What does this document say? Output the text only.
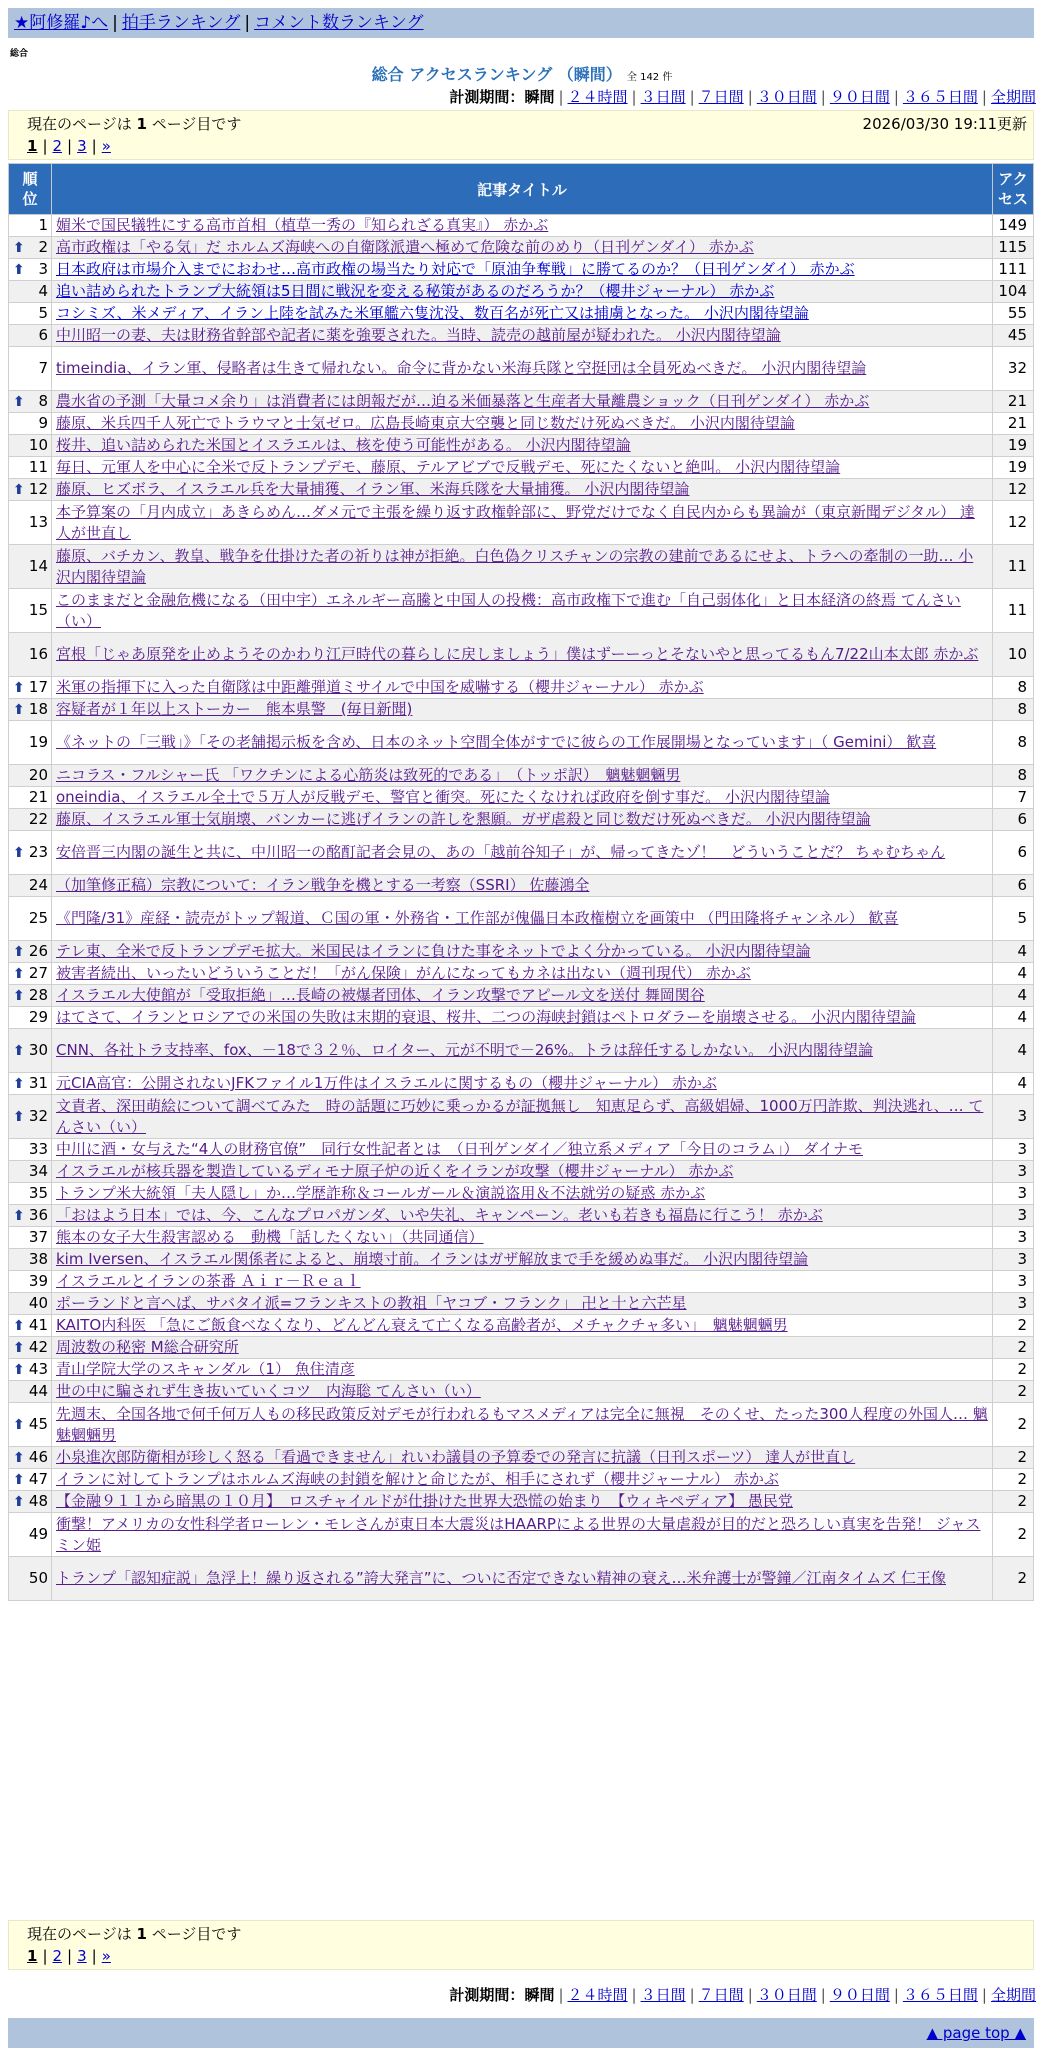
★阿修羅♪へ | 拍手ランキング | コメント数ランキング
総合
総合 アクセスランキング （瞬間） 全 142 件
計測期間：瞬間 | ２４時間 | ３日間 | ７日間 | ３０日間 | ９０日間 | ３６５日間 | 全期間
現在のページは 1 ページ目です	2026/03/30 19:11更新
1 | 2 | 3 | »
順
位	記事タイトル	アク
セス
1	媚米で国民犠牲にする高市首相（植草一秀の『知られざる真実』） 赤かぶ	149

⬆ 2	高市政権は「やる気」だ ホルムズ海峡への自衛隊派遣へ極めて危険な前のめり（日刊ゲンダイ） 赤かぶ	115

⬆ 3	日本政府は市場介入までにおわせ…高市政権の場当たり対応で「原油争奪戦」に勝てるのか？（日刊ゲンダイ） 赤かぶ	111
4	追い詰められたトランプ大統領は5日間に戦況を変える秘策があるのだろうか？（櫻井ジャーナル） 赤かぶ	104
5	コシミズ、米メディア、イラン上陸を試みた米軍艦六隻沈没、数百名が死亡又は捕虜となった。 小沢内閣待望論	55
6	中川昭一の妻、夫は財務省幹部や記者に薬を強要された。当時、読売の越前屋が疑われた。 小沢内閣待望論	45
7	timeindia、イラン軍、侵略者は生きて帰れない。命令に背かない米海兵隊と空挺団は全員死ぬべきだ。 小沢内閣待望論	32

⬆ 8	農水省の予測「大量コメ余り」は消費者には朗報だが…迫る米価暴落と生産者大量離農ショック（日刊ゲンダイ） 赤かぶ	21
9	藤原、米兵四千人死亡でトラウマと士気ゼロ。広島長崎東京大空襲と同じ数だけ死ぬべきだ。 小沢内閣待望論	21
10	桜井、追い詰められた米国とイスラエルは、核を使う可能性がある。 小沢内閣待望論	19
11	毎日、元軍人を中心に全米で反トランプデモ、藤原、テルアビブで反戦デモ、死にたくないと絶叫。 小沢内閣待望論	19

⬆ 12	藤原、ヒズボラ、イスラエル兵を大量捕獲、イラン軍、米海兵隊を大量捕獲。 小沢内閣待望論	12
13	本予算案の「月内成立」あきらめん…ダメ元で主張を繰り返す政権幹部に、野党だけでなく自民内からも異論が（東京新聞デジタル） 達人が世直し	12
14	藤原、バチカン、教皇、戦争を仕掛けた者の祈りは神が拒絶。白色偽クリスチャンの宗教の建前であるにせよ、トラへの牽制の一助… 小沢内閣待望論	11
15	このままだと金融危機になる（田中宇）エネルギー高騰と中国人の投機：高市政権下で進む「自己弱体化」と日本経済の終焉 てんさい（い）	11
16	宮根「じゃあ原発を止めようそのかわり江戸時代の暮らしに戻しましょう」僕はずーーっとそないやと思ってるもん7/22山本太郎 赤かぶ	10

⬆ 17	米軍の指揮下に入った自衛隊は中距離弾道ミサイルで中国を威嚇する（櫻井ジャーナル） 赤かぶ	8

⬆ 18	容疑者が１年以上ストーカー　熊本県警　(毎日新聞)	8
19	《ネットの「三戦」》「その老舗掲示板を含め、日本のネット空間全体がすでに彼らの工作展開場となっています」（ Gemini） 歓喜	8
20	ニコラス・フルシャー氏 「ワクチンによる心筋炎は致死的である」　（トッポ訳）　魑魅魍魎男	8
21	oneindia、イスラエル全土で５万人が反戦デモ、警官と衝突。死にたくなければ政府を倒す事だ。 小沢内閣待望論	7
22	藤原、イスラエル軍士気崩壊、バンカーに逃げイランの許しを懇願。ガザ虐殺と同じ数だけ死ぬべきだ。 小沢内閣待望論	6

⬆ 23	安倍晋三内閣の誕生と共に、中川昭一の酩酊記者会見の、あの「越前谷知子」が、帰ってきたゾ！　どういうことだ？ ちゃむちゃん	6
24	（加筆修正稿）宗教について：イラン戦争を機とする一考察（SSRI） 佐藤鴻全	6
25	《門隆/31》産経・読売がトップ報道、Ｃ国の軍・外務省・工作部が傀儡日本政権樹立を画策中 （門田隆将チャンネル） 歓喜	5

⬆ 26	テレ東、全米で反トランプデモ拡大。米国民はイランに負けた事をネットでよく分かっている。 小沢内閣待望論	4

⬆ 27	被害者続出、いったいどういうことだ！「がん保険」がんになってもカネは出ない（週刊現代） 赤かぶ	4

⬆ 28	イスラエル大使館が「受取拒絶」…長崎の被爆者団体、イラン攻撃でアピール文を送付 舞岡関谷	4
29	はてさて、イランとロシアでの米国の失敗は末期的衰退、桜井、二つの海峡封鎖はペトロダラーを崩壊させる。 小沢内閣待望論	4

⬆ 30	CNN、各社トラ支持率、fox、－18で３２％、ロイター、元が不明で－26%。トラは辞任するしかない。 小沢内閣待望論	4

⬆ 31	元CIA高官：公開されないJFKファイル1万件はイスラエルに関するもの（櫻井ジャーナル） 赤かぶ	4

⬆ 32	文責者、深田萌絵について調べてみた　時の話題に巧妙に乗っかるが証拠無し　知恵足らず、高級娼婦、1000万円詐欺、判決逃れ、… てんさい（い）	3
33	中川に酒・女与えた“4人の財務官僚”　同行女性記者とは　（日刊ゲンダイ／独立系メディア「今日のコラム」） ダイナモ	3
34	イスラエルが核兵器を製造しているディモナ原子炉の近くをイランが攻撃（櫻井ジャーナル） 赤かぶ	3
35	トランプ米大統領「夫人隠し」か…学歴詐称＆コールガール＆演説盗用＆不法就労の疑惑 赤かぶ	3

⬆ 36	「おはよう日本」では、今、こんなプロパガンダ、いや失礼、キャンペーン。老いも若きも福島に行こう！ 赤かぶ	3
37	熊本の女子大生殺害認める　動機「話したくない」（共同通信）	3
38	kim Iversen、イスラエル関係者によると、崩壊寸前。イランはガザ解放まで手を緩めぬ事だ。 小沢内閣待望論	3
39	イスラエルとイランの茶番 Ａｉｒ－Ｒｅａｌ	3
40	ポーランドと言へば、サバタイ派=フランキストの教祖「ヤコブ・フランク」 卍と十と六芒星	3

⬆ 41	KAITO内科医 「急にご飯食べなくなり、どんどん衰えて亡くなる高齢者が、メチャクチャ多い」　魑魅魍魎男	2

⬆ 42	周波数の秘密 M総合研究所	2

⬆ 43	青山学院大学のスキャンダル（1） 魚住清彦	2
44	世の中に騙されず生き抜いていくコツ　内海聡 てんさい（い）	2

⬆ 45	先週末、全国各地で何千何万人もの移民政策反対デモが行われるもマスメディアは完全に無視　そのくせ、たった300人程度の外国人… 魑魅魍魎男	2

⬆ 46	小泉進次郎防衛相が珍しく怒る「看過できません」れいわ議員の予算委での発言に抗議（日刊スポーツ） 達人が世直し	2

⬆ 47	イランに対してトランプはホルムズ海峡の封鎖を解けと命じたが、相手にされず（櫻井ジャーナル） 赤かぶ	2

⬆ 48	【金融９１１から暗黒の１０月】　ロスチャイルドが仕掛けた世界大恐慌の始まり　【ウィキペディア】 愚民党	2
49	衝撃！アメリカの女性科学者ローレン・モレさんが東日本大震災はHAARPによる世界の大量虐殺が目的だと恐ろしい真実を告発！ ジャスミン姫	2
50	トランプ「認知症説」急浮上！繰り返される”誇大発言”に、ついに否定できない精神の衰え…米弁護士が警鐘／江南タイムズ 仁王像	2
現在のページは 1 ページ目です
1 | 2 | 3 | »
計測期間：瞬間 | ２４時間 | ３日間 | ７日間 | ３０日間 | ９０日間 | ３６５日間 | 全期間
▲ page top ▲
